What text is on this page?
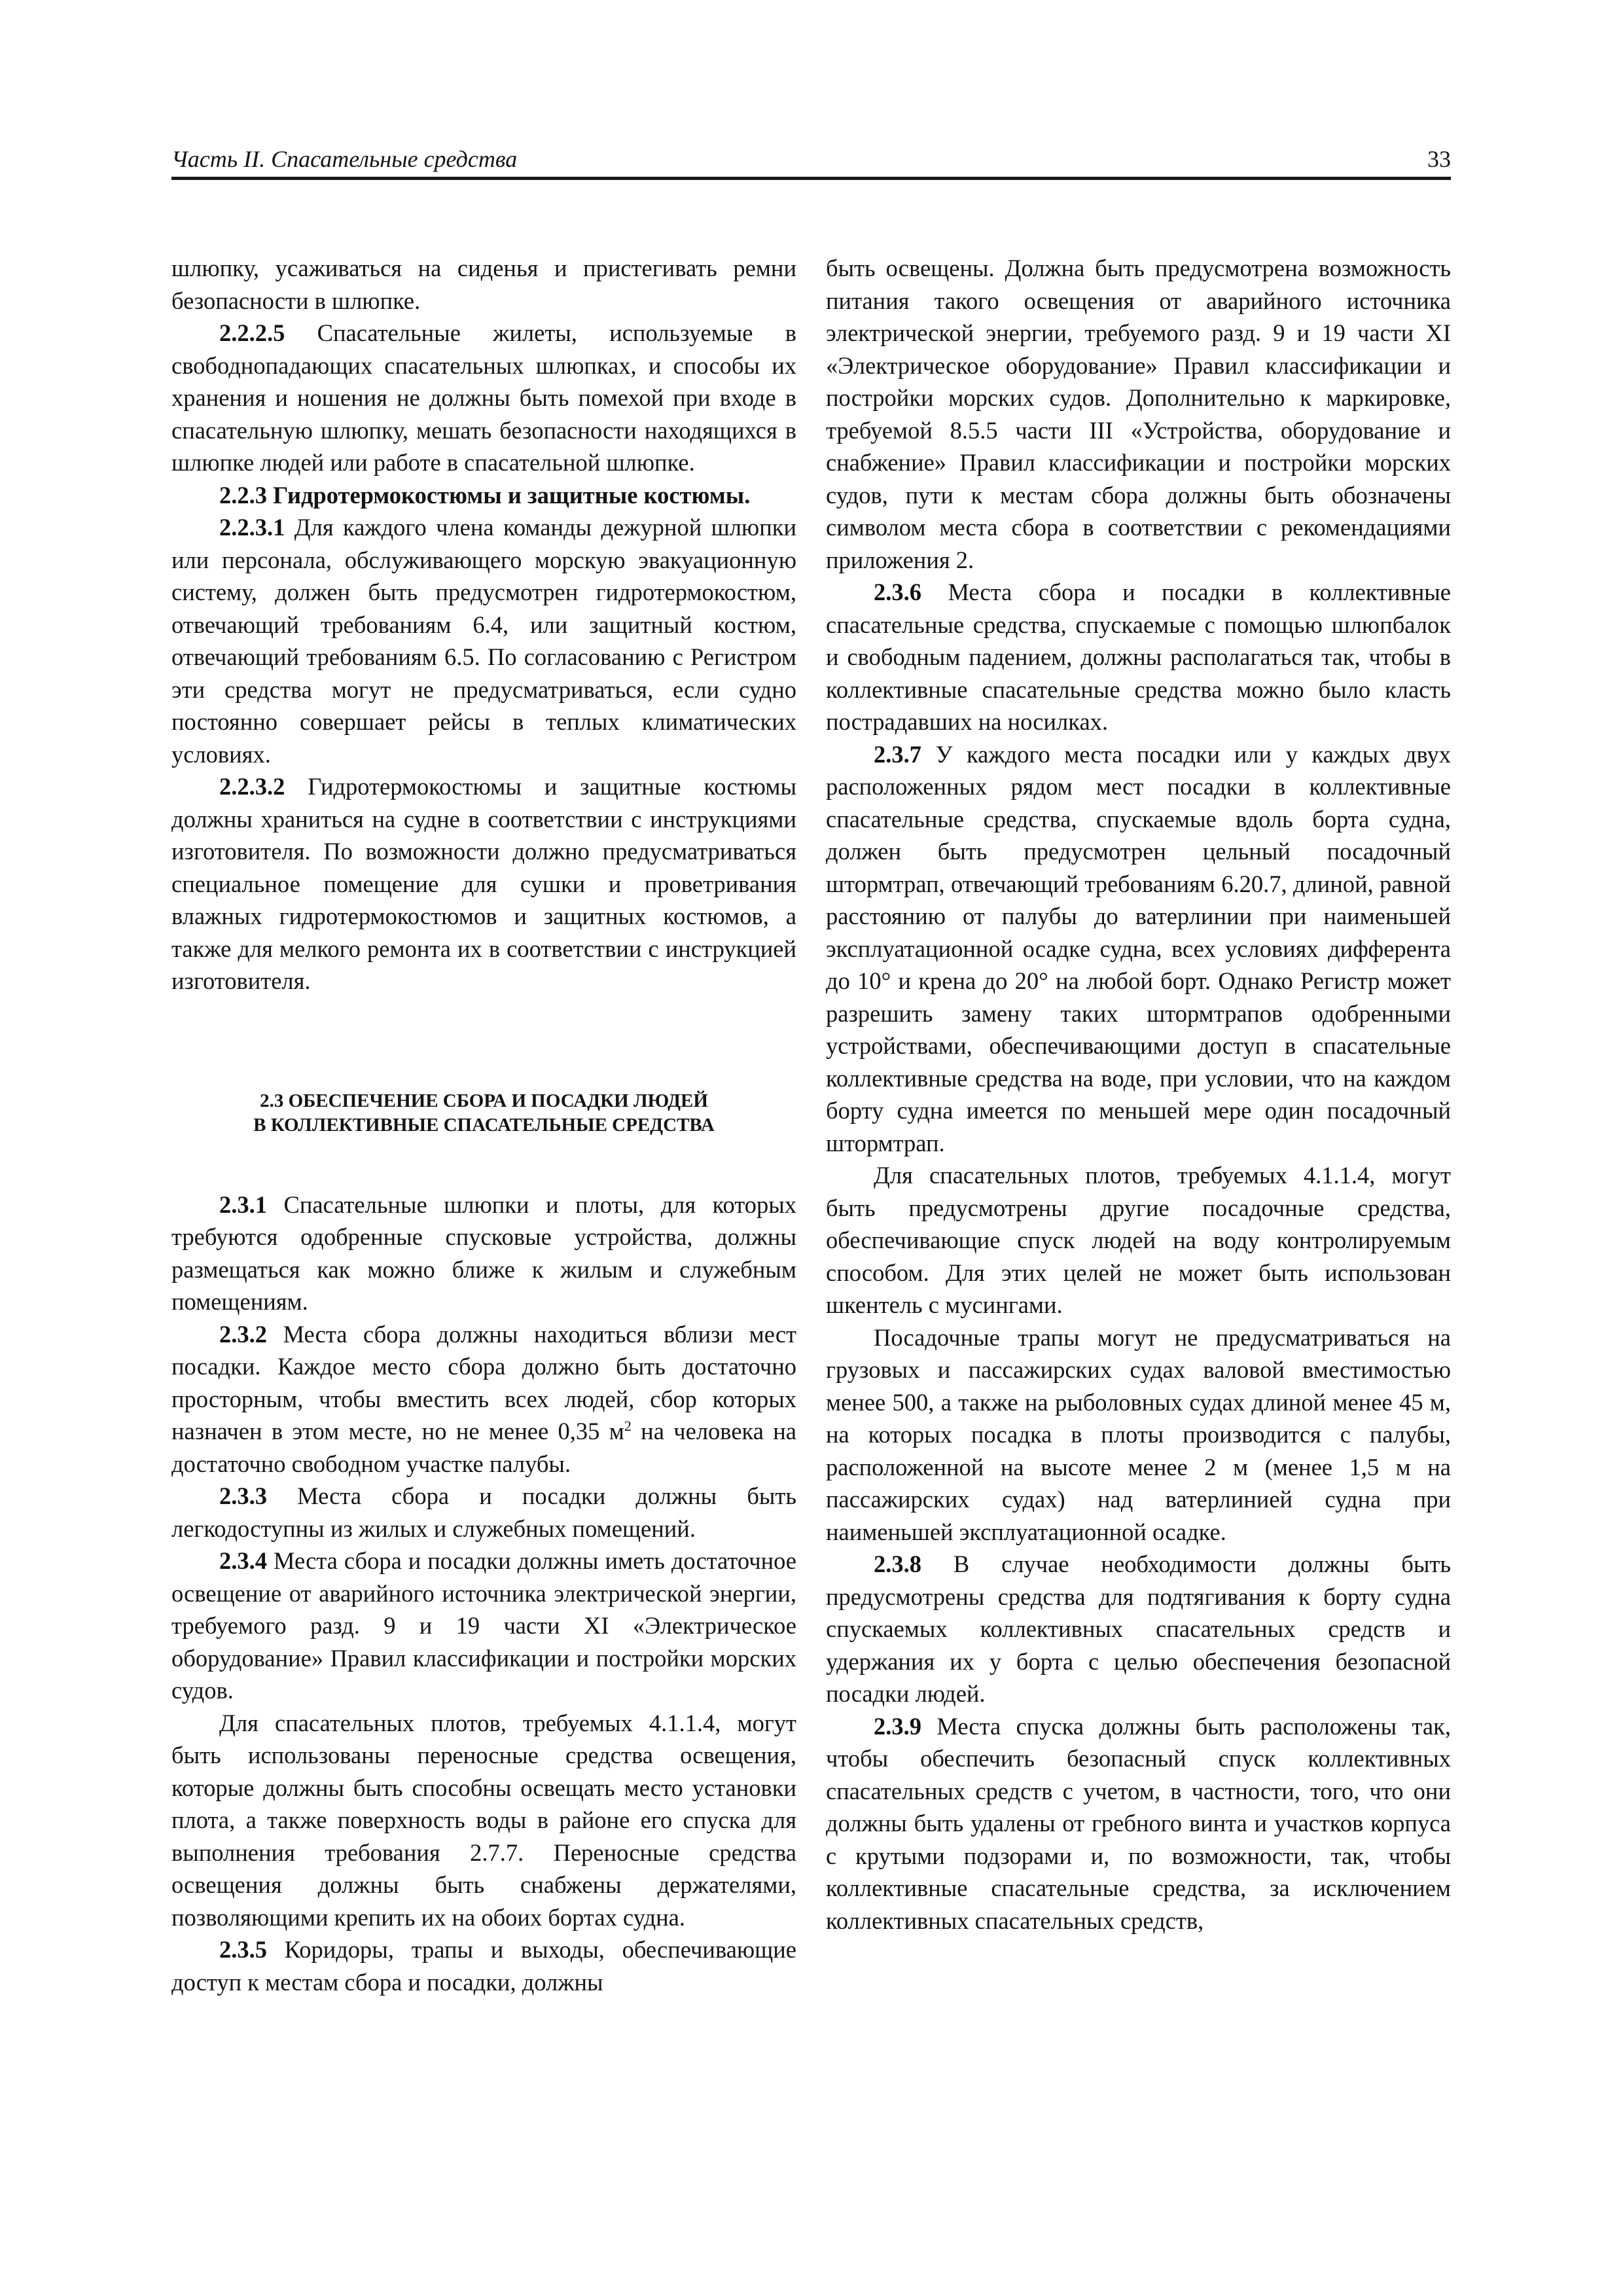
Часть II. Спасательные средства	33

шлюпку, усаживаться на сиденья и пристегивать ремни безопасности в шлюпке.

2.2.2.5 Спасательные жилеты, используемые в свободнопадающих спасательных шлюпках, и способы их хранения и ношения не должны быть помехой при входе в спасательную шлюпку, мешать безопасности находящихся в шлюпке людей или работе в спасательной шлюпке.

2.2.3 Гидротермокостюмы и защитные костюмы.

2.2.3.1 Для каждого члена команды дежурной шлюпки или персонала, обслуживающего морскую эвакуационную систему, должен быть предусмотрен гидротермокостюм, отвечающий требованиям 6.4, или защитный костюм, отвечающий требованиям 6.5. По согласованию с Регистром эти средства могут не предусматриваться, если судно постоянно совершает рейсы в теплых климатических условиях.

2.2.3.2 Гидротермокостюмы и защитные костюмы должны храниться на судне в соответствии с инструкциями изготовителя. По возможности должно предусматриваться специальное помещение для сушки и проветривания влажных гидротермокостюмов и защитных костюмов, а также для мелкого ремонта их в соответствии с инструкцией изготовителя.

2.3 ОБЕСПЕЧЕНИЕ СБОРА И ПОСАДКИ ЛЮДЕЙ
В КОЛЛЕКТИВНЫЕ СПАСАТЕЛЬНЫЕ СРЕДСТВА

2.3.1 Спасательные шлюпки и плоты, для которых требуются одобренные спусковые устройства, должны размещаться как можно ближе к жилым и служебным помещениям.

2.3.2 Места сбора должны находиться вблизи мест посадки. Каждое место сбора должно быть достаточно просторным, чтобы вместить всех людей, сбор которых назначен в этом месте, но не менее 0,35 $м^2$ на человека на достаточно свободном участке палубы.

2.3.3 Места сбора и посадки должны быть легкодоступны из жилых и служебных помещений.

2.3.4 Места сбора и посадки должны иметь достаточное освещение от аварийного источника электрической энергии, требуемого разд. 9 и 19 части XI «Электрическое оборудование» Правил классификации и постройки морских судов.

Для спасательных плотов, требуемых 4.1.1.4, могут быть использованы переносные средства освещения, которые должны быть способны освещать место установки плота, а также поверхность воды в районе его спуска для выполнения требования 2.7.7. Переносные средства освещения должны быть снабжены держателями, позволяющими крепить их на обоих бортах судна.

2.3.5 Коридоры, трапы и выходы, обеспечивающие доступ к местам сбора и посадки, должны

быть освещены. Должна быть предусмотрена возможность питания такого освещения от аварийного источника электрической энергии, требуемого разд. 9 и 19 части XI «Электрическое оборудование» Правил классификации и постройки морских судов. Дополнительно к маркировке, требуемой 8.5.5 части III «Устройства, оборудование и снабжение» Правил классификации и постройки морских судов, пути к местам сбора должны быть обозначены символом места сбора в соответствии с рекомендациями приложения 2.

2.3.6 Места сбора и посадки в коллективные спасательные средства, спускаемые с помощью шлюпбалок и свободным падением, должны располагаться так, чтобы в коллективные спасательные средства можно было класть пострадавших на носилках.

2.3.7 У каждого места посадки или у каждых двух расположенных рядом мест посадки в коллективные спасательные средства, спускаемые вдоль борта судна, должен быть предусмотрен цельный посадочный штормтрап, отвечающий требованиям 6.20.7, длиной, равной расстоянию от палубы до ватерлинии при наименьшей эксплуатационной осадке судна, всех условиях дифферента до 10° и крена до 20° на любой борт. Однако Регистр может разрешить замену таких штормтрапов одобренными устройствами, обеспечивающими доступ в спасательные коллективные средства на воде, при условии, что на каждом борту судна имеется по меньшей мере один посадочный штормтрап.

Для спасательных плотов, требуемых 4.1.1.4, могут быть предусмотрены другие посадочные средства, обеспечивающие спуск людей на воду контролируемым способом. Для этих целей не может быть использован шкентель с мусингами.

Посадочные трапы могут не предусматриваться на грузовых и пассажирских судах валовой вместимостью менее 500, а также на рыболовных судах длиной менее 45 м, на которых посадка в плоты производится с палубы, расположенной на высоте менее 2 м (менее 1,5 м на пассажирских судах) над ватерлинией судна при наименьшей эксплуатационной осадке.

2.3.8 В случае необходимости должны быть предусмотрены средства для подтягивания к борту судна спускаемых коллективных спасательных средств и удержания их у борта с целью обеспечения безопасной посадки людей.

2.3.9 Места спуска должны быть расположены так, чтобы обеспечить безопасный спуск коллективных спасательных средств с учетом, в частности, того, что они должны быть удалены от гребного винта и участков корпуса с крутыми подзорами и, по возможности, так, чтобы коллективные спасательные средства, за исключением коллективных спасательных средств,
